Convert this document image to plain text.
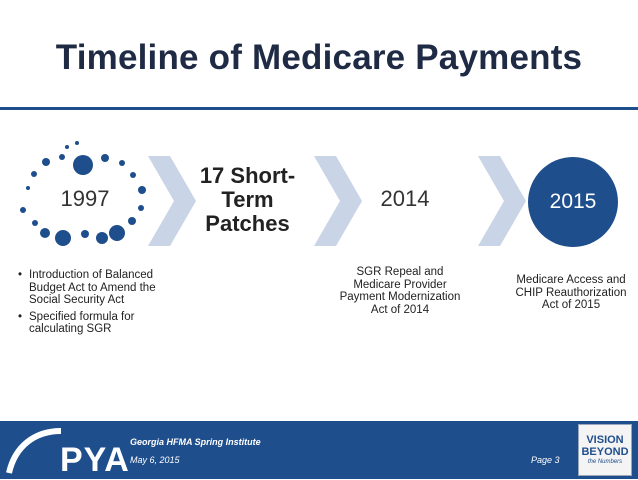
Timeline of Medicare Payments
1997
17 Short-Term Patches
2014	2015
• Introduction of Balanced Budget Act to Amend the Social Security Act
• Specified formula for calculating SGR
SGR Repeal and Medicare Provider Payment Modernization Act of 2014
Medicare Access and CHIP Reauthorization Act of 2015
PYA Georgia HFMA Spring Institute
May 6, 2015	Page 3
VISION
BEYOND
the Numbers
